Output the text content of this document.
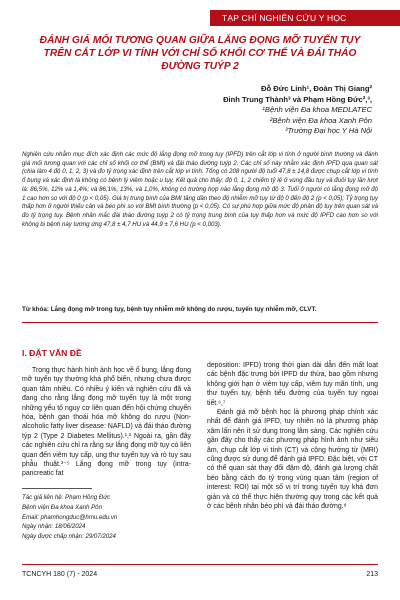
TẠP CHÍ NGHIÊN CỨU Y HỌC
ĐÁNH GIÁ MỐI TƯƠNG QUAN GIỮA LẮNG ĐỌNG MỠ TUYẾN TỤY TRÊN CẮT LỚP VI TÍNH VỚI CHỈ SỐ KHỐI CƠ THỂ VÀ ĐÁI THÁO ĐƯỜNG TUÝP 2
Đỗ Đức Linh¹, Đoàn Thị Giang²
Đinh Trung Thành³ và Phạm Hồng Đức²,³,
¹Bệnh viện Đa khoa MEDLATEC
²Bệnh viện Đa khoa Xanh Pôn
³Trường Đại học Y Hà Nội

Nghiên cứu nhằm mục đích xác định các mức độ lắng đọng mỡ trong tụy (IPFD) trên cắt lớp vi tính ở người bình thường và đánh giá mối tương quan với các chỉ số khối cơ thể (BMI) và đái tháo đường tuýp 2. Các chỉ số này nhằm xác định IPFD qua quan sát (chia làm 4 độ 0, 1, 2, 3) và đo tỷ trọng xác định trên cắt lớp vi tính. Tổng có 208 người độ tuổi 47,8 ± 14,8 được chụp cắt lớp vi tính ổ bụng và xác định là không có bệnh lý viêm hoặc u tụy. Kết quả cho thấy: độ 0, 1, 2 chiếm tỷ lệ ở vùng đầu tụy và đuôi tụy lần lượt là: 86,5%, 12% và 1,4%; và 86,1%, 13%, và 1,0%, không có trường hợp nào lắng đọng mỡ độ 3. Tuổi ở người có lắng đọng mỡ độ 1 cao hơn so với độ 0 (p < 0,05). Giá trị trung bình của BMI tăng dần theo độ nhiễm mỡ tụy từ độ 0 đến độ 2 (p < 0,05); Tỷ trọng tụy thấp hơn ở người thiếu cân và béo phì so với BMI bình thường (p < 0,05). Có sự phù hợp giữa mức độ phân độ tụy trên quan sát và đo tỷ trọng tụy. Bệnh nhân mắc đái tháo đường tuýp 2 có tỷ trọng trung bình của tụy thấp hơn và mức độ IPFD cao hơn so với không bị bệnh này tương ứng 47,8 ± 4,7 HU và 44,9 ± 7,6 HU (p < 0,003).

Từ khóa: Lắng đọng mỡ trong tụy, bệnh tụy nhiễm mỡ không do rượu, tuyến tụy nhiễm mỡ, CLVT.

I. ĐẶT VẤN ĐỀ

Trong thực hành hình ảnh học về ổ bụng, lắng đọng mỡ tuyến tụy thường khá phổ biến, nhưng chưa được quan tâm nhiều. Có nhiều ý kiến và nghiên cứu đã và đang cho rằng lắng đọng mỡ tuyến tụy là một trong những yếu tố nguy cơ liên quan đến hội chứng chuyển hóa, bệnh gan thoái hóa mỡ không do rượu (Non-alcoholic fatty liver disease: NAFLD) và đái tháo đường týp 2 (Type 2 Diabetes Mellitus).¹,² Ngoài ra, gần đây các nghiên cứu chỉ ra rằng sự lắng đọng mỡ tụy có liên quan đến viêm tụy cấp, ung thư tuyến tụy và rò tụy sau phẫu thuật.³⁻⁵ Lắng đọng mỡ trong tụy (intra-pancreatic fat

Tác giả liên hệ: Phạm Hồng Đức
Bệnh viện Đa khoa Xanh Pôn
Email: phamhongduc@hmu.edu.vn
Ngày nhận: 18/06/2024
Ngày được chấp nhận: 29/07/2024

deposition: IPFD) trong thời gian dài dẫn đến mất loạt các bệnh đặc trưng bởi IPFD dư thừa, bao gồm nhưng không giới hạn ở viêm tụy cấp, viêm tụy mãn tính, ung thư tuyến tụy, bệnh tiểu đường của tuyến tụy ngoại tiết.⁶,⁷

Đánh giá mỡ bệnh học là phương pháp chính xác nhất để đánh giá IPFD, tuy nhiên nó là phương pháp xâm lấn nên ít sử dụng trong lâm sàng. Các nghiên cứu gần đây cho thấy các phương pháp hình ảnh như siêu âm, chụp cắt lớp vi tính (CT) và cộng hưởng từ (MRI) cũng được sử dụng để đánh giá IPFD. Đặc biệt, với CT có thể quan sát thay đổi đậm độ, đánh giá lượng chất béo bằng cách đo tỷ trọng vùng quan tâm (region of interest: ROI) tại một số vị trí trong tuyến tụy khá đơn giản và có thể thực hiện thường quy trong các kết quả ở các bệnh nhân béo phì và đái tháo đường.⁸

TCNCYH 180 (7) - 2024	213
